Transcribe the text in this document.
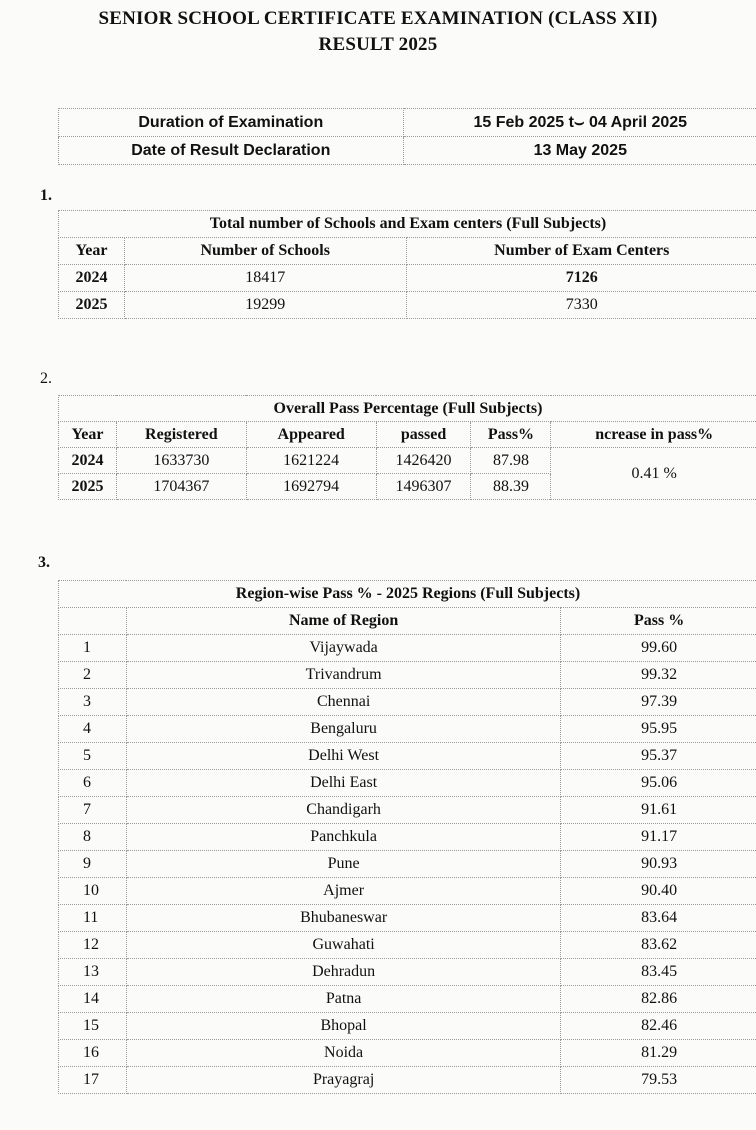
SENIOR SCHOOL CERTIFICATE EXAMINATION (CLASS XII)
RESULT 2025
Duration of Examination	15 Feb 2025 t⌣ 04 April 2025
Date of Result Declaration	13 May 2025
1.
Total number of Schools and Exam centers (Full Subjects)		
Year	Number of Schools	Number of Exam Centers
2024	18417	7126
2025	19299	7330
2.
Overall Pass Percentage (Full Subjects)					
Year	Registered	Appeared	passed	Pass%	ncrease in pass%
2024	1633730	1621224	1426420	87.98	0.41 %
2025	1704367	1692794	1496307	88.39	
3.
Region-wise Pass % - 2025 Regions (Full Subjects)		
	Name of Region	Pass %
1	Vijaywada	99.60
2	Trivandrum	99.32
3	Chennai	97.39
4	Bengaluru	95.95
5	Delhi West	95.37
6	Delhi East	95.06
7	Chandigarh	91.61
8	Panchkula	91.17
9	Pune	90.93
10	Ajmer	90.40
11	Bhubaneswar	83.64
12	Guwahati	83.62
13	Dehradun	83.45
14	Patna	82.86
15	Bhopal	82.46
16	Noida	81.29
17	Prayagraj	79.53
